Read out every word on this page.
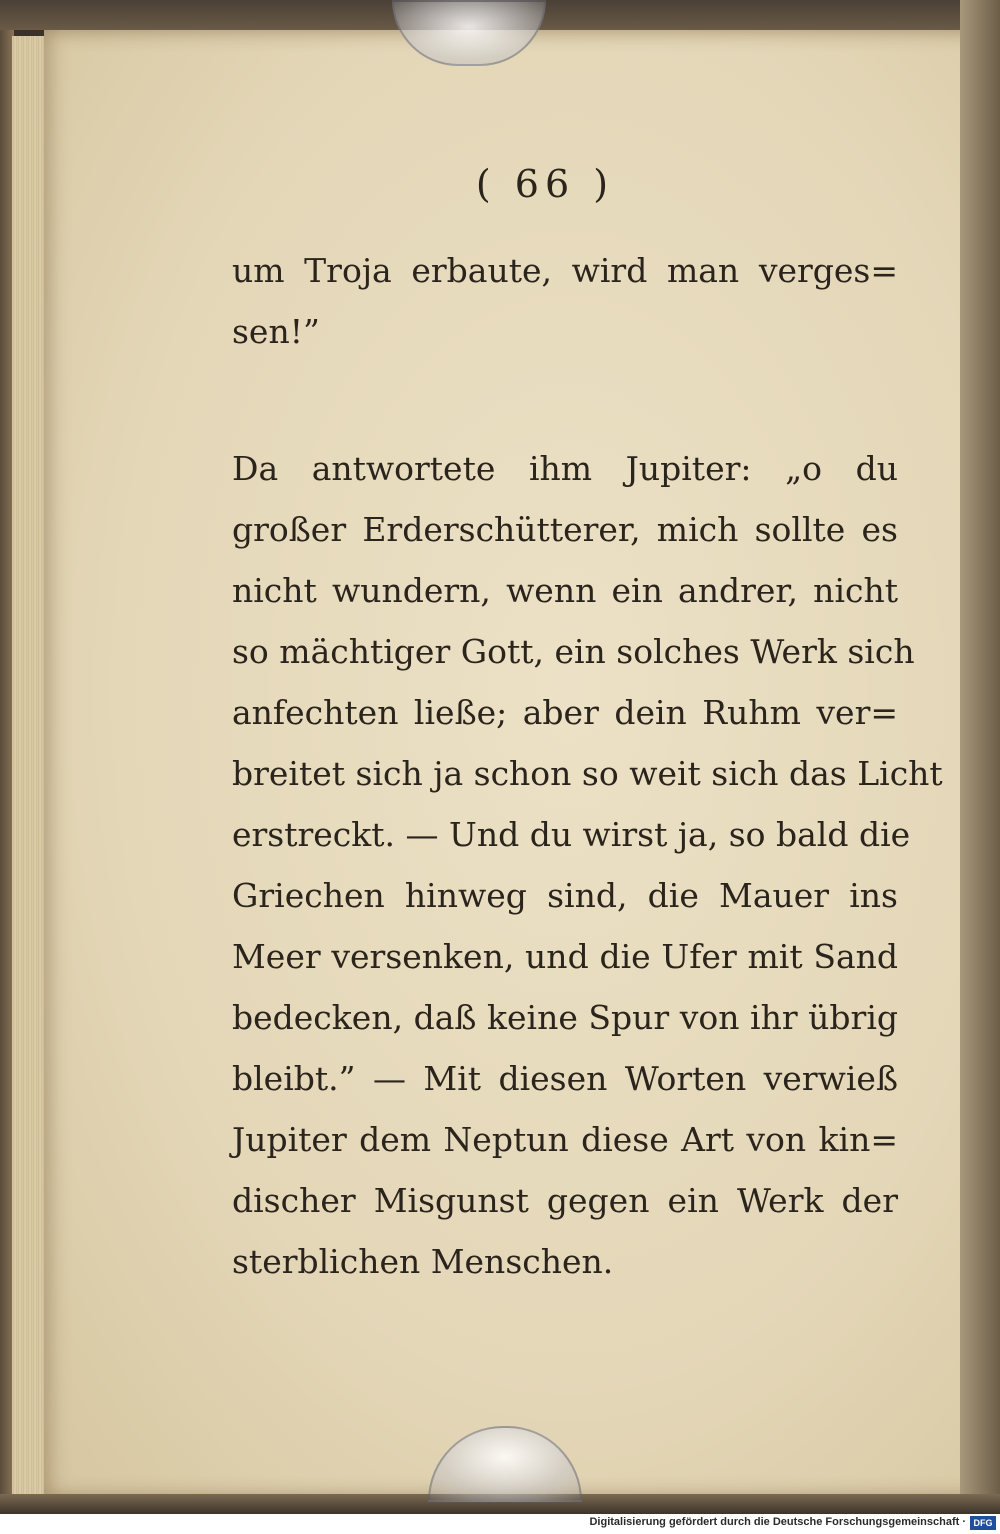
( 66 )
um Troja erbaute, wird man verges=
sen!”
Da antwortete ihm Jupiter: „o du
großer Erderschütterer, mich sollte es
nicht wundern, wenn ein andrer, nicht
so mächtiger Gott, ein solches Werk sich
anfechten ließe; aber dein Ruhm ver=
breitet sich ja schon so weit sich das Licht
erstreckt. — Und du wirst ja, so bald die
Griechen hinweg sind, die Mauer ins
Meer versenken, und die Ufer mit Sand
bedecken, daß keine Spur von ihr übrig
bleibt.” — Mit diesen Worten verwieß
Jupiter dem Neptun diese Art von kin=
discher Misgunst gegen ein Werk der
sterblichen Menschen.
Digitalisierung gefördert durch die Deutsche Forschungsgemeinschaft · DFG
